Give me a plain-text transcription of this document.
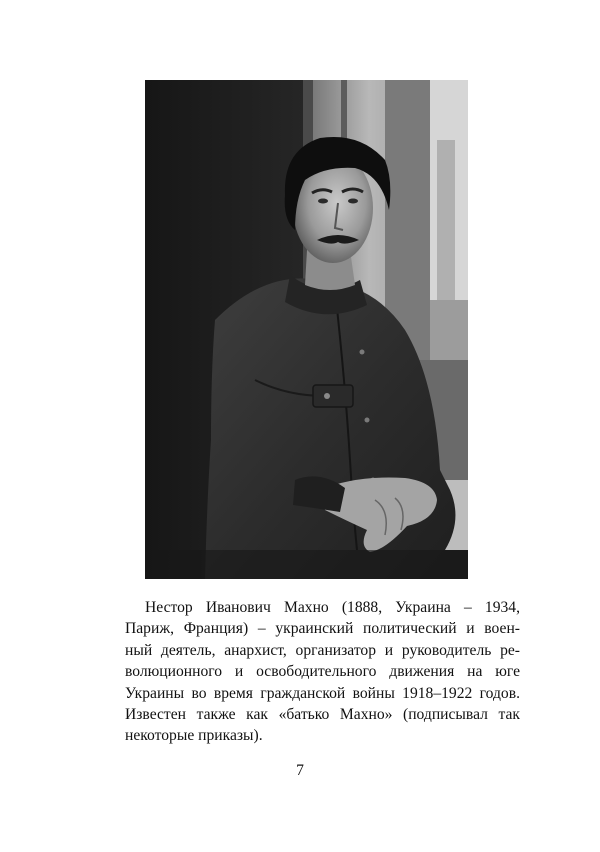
Нестор Иванович Махно (1888, Украина – 1934,
Париж, Франция) – украинский политический и воен-
ный деятель, анархист, организатор и руководитель ре-
волюционного и освободительного движения на юге
Украины во время гражданской войны 1918–1922 годов.
Известен также как «батько Махно» (подписывал так
некоторые приказы).

7
